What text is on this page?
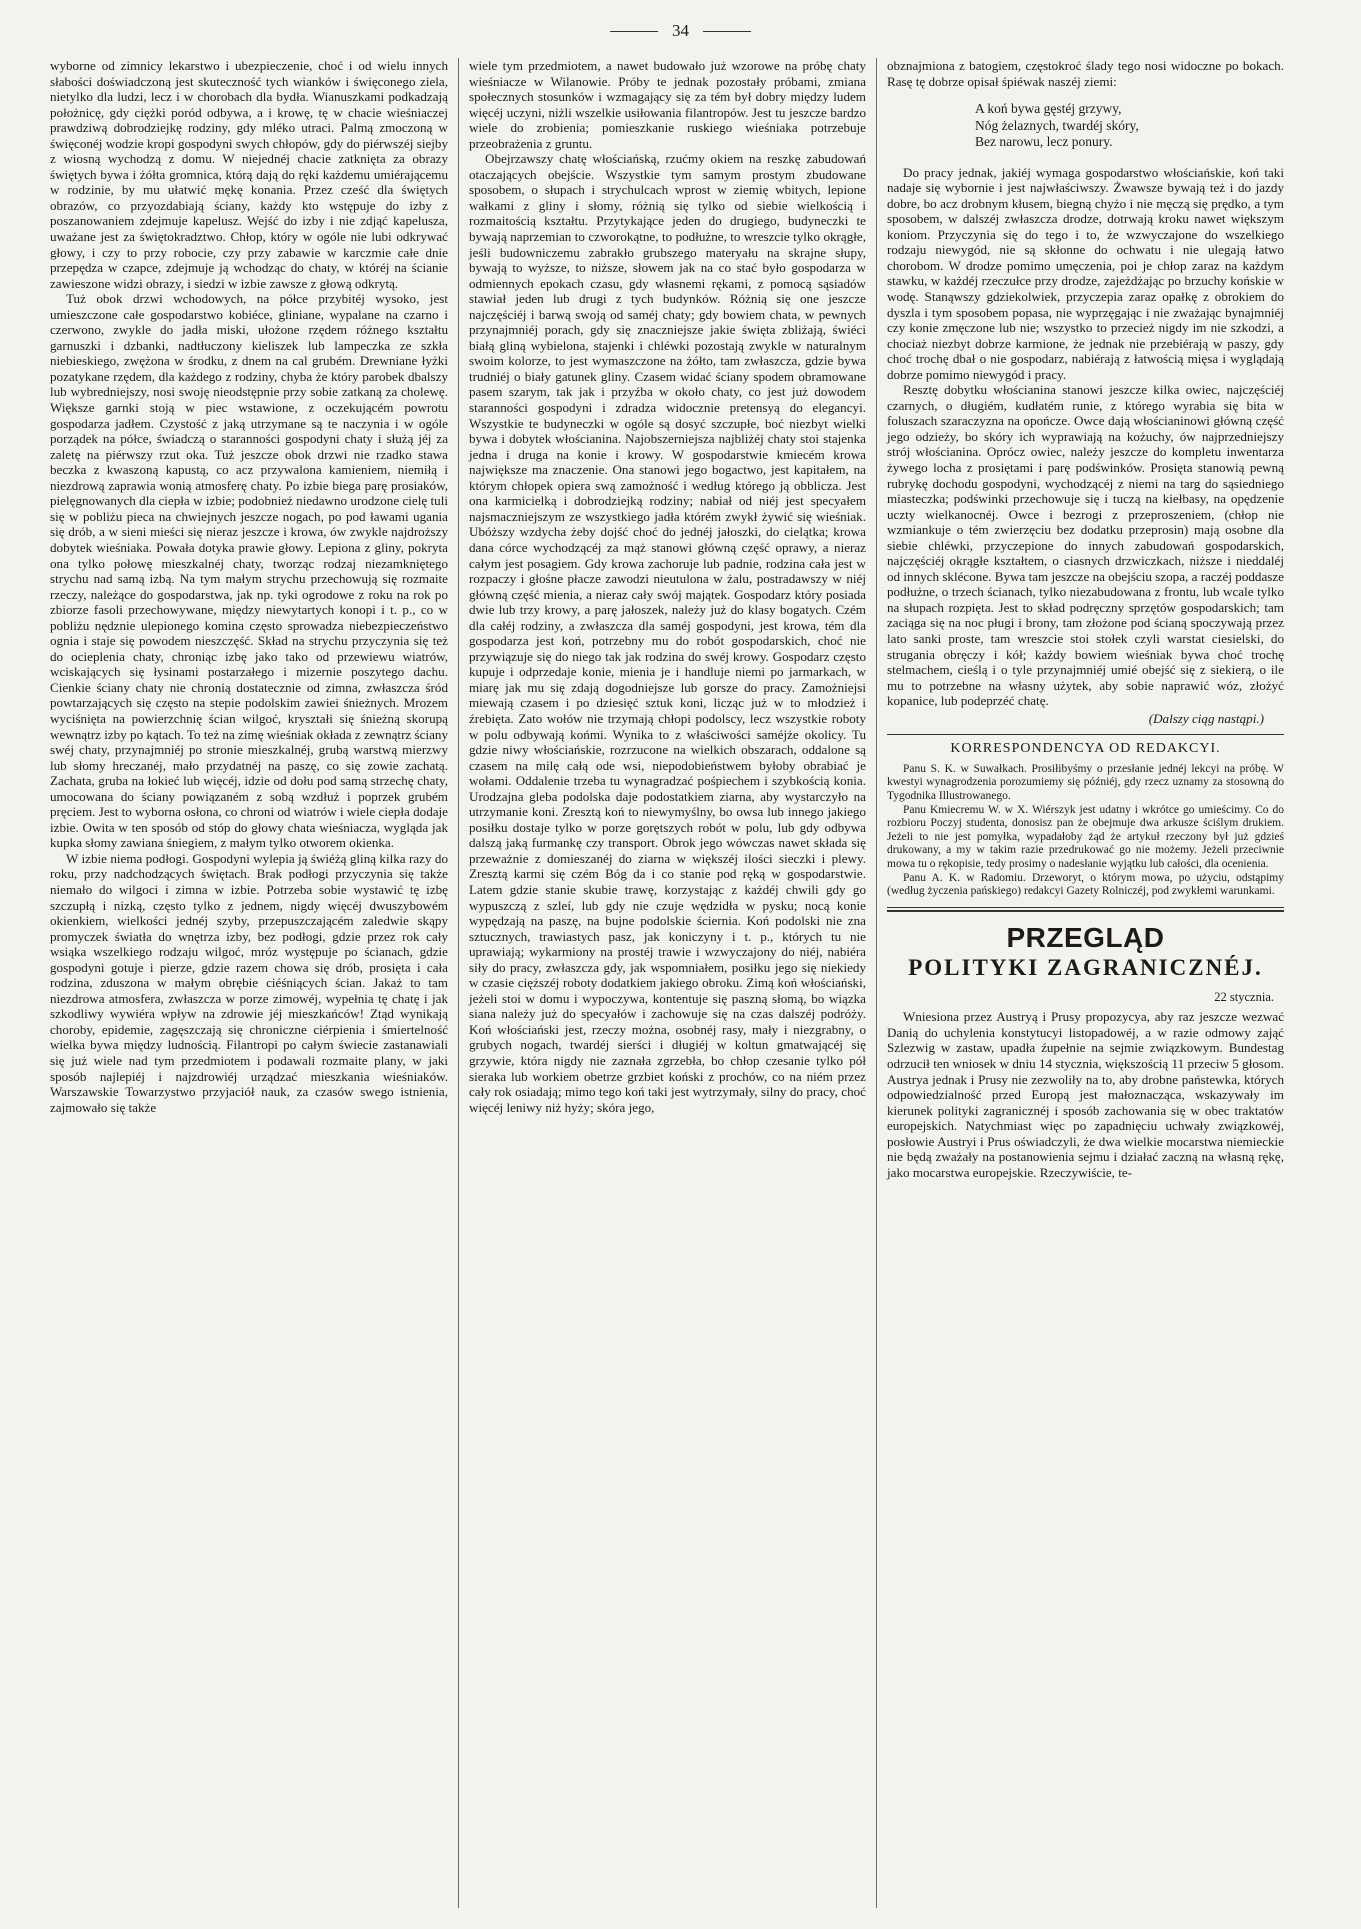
34

wyborne od zimnicy lekarstwo i ubezpieczenie, choć i od wielu innych słabości doświadczoną jest skuteczność tych wianków i święconego ziela, nietylko dla ludzi, lecz i w chorobach dla bydła. Wianuszkami podkadzają położnicę, gdy ciężki poród odbywa, a i krowę, tę w chacie wieśniaczej prawdziwą dobrodziejkę rodziny, gdy mléko utraci. Palmą zmoczoną w święconéj wodzie kropi gospodyni swych chłopów, gdy do piérwszéj siejby z wiosną wychodzą z domu. W niejednéj chacie zatknięta za obrazy świętych bywa i żółta gromnica, którą dają do ręki każdemu umiérającemu w rodzinie, by mu ułatwić mękę konania. Przez cześć dla świętych obrazów, co przyozdabiają ściany, każdy kto wstępuje do izby z poszanowaniem zdejmuje kapelusz. Wejść do izby i nie zdjąć kapelusza, uważane jest za świętokradztwo. Chłop, który w ogóle nie lubi odkrywać głowy, i czy to przy robocie, czy przy zabawie w karczmie całe dnie przepędza w czapce, zdejmuje ją wchodząc do chaty, w któréj na ścianie zawieszone widzi obrazy, i siedzi w izbie zawsze z głową odkrytą.

Tuż obok drzwi wchodowych, na półce przybitéj wysoko, jest umieszczone całe gospodarstwo kobiéce, gliniane, wypalane na czarno i czerwono, zwykle do jadła miski, ułożone rzędem różnego kształtu garnuszki i dzbanki, nadtłuczony kieliszek lub lampeczka ze szkła niebieskiego, zwężona w środku, z dnem na cal grubém. Drewniane łyżki pozatykane rzędem, dla każdego z rodziny, chyba że który parobek dbalszy lub wybredniejszy, nosi swoję nieodstępnie przy sobie zatkaną za cholewę. Większe garnki stoją w piec wstawione, z oczekującém powrotu gospodarza jadłem. Czystość z jaką utrzymane są te naczynia i w ogóle porządek na półce, świadczą o staranności gospodyni chaty i służą jéj za zaletę na piérwszy rzut oka. Tuż jeszcze obok drzwi nie rzadko stawa beczka z kwaszoną kapustą, co acz przywalona kamieniem, niemiłą i niezdrową zaprawia wonią atmosferę chaty. Po izbie biega parę prosiaków, pielęgnowanych dla ciepła w izbie; podobnież niedawno urodzone cielę tuli się w pobliżu pieca na chwiejnych jeszcze nogach, po pod ławami ugania się drób, a w sieni mieści się nieraz jeszcze i krowa, ów zwykle najdroższy dobytek wieśniaka. Powała dotyka prawie głowy. Lepiona z gliny, pokryta ona tylko połowę mieszkalnéj chaty, tworząc rodzaj niezamkniętego strychu nad samą izbą. Na tym małym strychu przechowują się rozmaite rzeczy, należące do gospodarstwa, jak np. tyki ogrodowe z roku na rok po zbiorze fasoli przechowywane, między niewytartych konopi i t. p., co w pobliżu nędznie ulepionego komina często sprowadza niebezpieczeństwo ognia i staje się powodem nieszczęść. Skład na strychu przyczynia się też do ocieplenia chaty, chroniąc izbę jako tako od przewiewu wiatrów, wciskających się łysinami postarzałego i mizernie poszytego dachu. Cienkie ściany chaty nie chronią dostatecznie od zimna, zwłaszcza śród powtarzających się często na stepie podolskim zawiei śnieżnych. Mrozem wyciśnięta na powierzchnię ścian wilgoć, kryształi się śnieżną skorupą wewnątrz izby po kątach. To też na zimę wieśniak okłada z zewnątrz ściany swéj chaty, przynajmniéj po stronie mieszkalnéj, grubą warstwą mierzwy lub słomy hreczanéj, mało przydatnéj na paszę, co się zowie zachatą. Zachata, gruba na łokieć lub więcéj, idzie od dołu pod samą strzechę chaty, umocowana do ściany powiązaném z sobą wzdłuż i poprzek grubém pręciem. Jest to wyborna osłona, co chroni od wiatrów i wiele ciepła dodaje izbie. Owita w ten sposób od stóp do głowy chata wieśniacza, wygląda jak kupka słomy zawiana śniegiem, z małym tylko otworem okienka.

W izbie niema podłogi. Gospodyni wylepia ją świéżą gliną kilka razy do roku, przy nadchodzących świętach. Brak podłogi przyczynia się także niemało do wilgoci i zimna w izbie. Potrzeba sobie wystawić tę izbę szczupłą i nizką, często tylko z jednem, nigdy więcéj dwuszybowém okienkiem, wielkości jednéj szyby, przepuszczającém zaledwie skąpy promyczek światła do wnętrza izby, bez podłogi, gdzie przez rok cały wsiąka wszelkiego rodzaju wilgoć, mróz występuje po ścianach, gdzie gospodyni gotuje i pierze, gdzie razem chowa się drób, prosięta i cała rodzina, zduszona w małym obrębie ciéśniących ścian. Jakaż to tam niezdrowa atmosfera, zwłaszcza w porze zimowéj, wypełnia tę chatę i jak szkodliwy wywiéra wpływ na zdrowie jéj mieszkańców! Ztąd wynikają choroby, epidemie, zagęszczają się chroniczne ciérpienia i śmiertelność wielka bywa między ludnością. Filantropi po całym świecie zastanawiali się już wiele nad tym przedmiotem i podawali rozmaite plany, w jaki sposób najlepiéj i najzdrowiéj urządzać mieszkania wieśniaków. Warszawskie Towarzystwo przyjaciół nauk, za czasów swego istnienia, zajmowało się także

wiele tym przedmiotem, a nawet budowało już wzorowe na próbę chaty wieśniacze w Wilanowie. Próby te jednak pozostały próbami, zmiana społecznych stosunków i wzmagający się za tém był dobry między ludem więcéj uczyni, niżli wszelkie usiłowania filantropów. Jest tu jeszcze bardzo wiele do zrobienia; pomieszkanie ruskiego wieśniaka potrzebuje przeobrażenia z gruntu.

Obejrzawszy chatę włościańską, rzućmy okiem na reszkę zabudowań otaczających obejście. Wszystkie tym samym prostym zbudowane sposobem, o słupach i strychulcach wprost w ziemię wbitych, lepione wałkami z gliny i słomy, różnią się tylko od siebie wielkością i rozmaitością kształtu. Przytykające jeden do drugiego, budyneczki te bywają naprzemian to czworokątne, to podłużne, to wreszcie tylko okrągłe, jeśli budowniczemu zabrakło grubszego materyału na skrajne słupy, bywają to wyższe, to niższe, słowem jak na co stać było gospodarza w odmiennych epokach czasu, gdy własnemi rękami, z pomocą sąsiadów stawiał jeden lub drugi z tych budynków. Różnią się one jeszcze najczęściéj i barwą swoją od saméj chaty; gdy bowiem chata, w pewnych przynajmniéj porach, gdy się znaczniejsze jakie święta zbliżają, świéci białą gliną wybielona, stajenki i chléwki pozostają zwykle w naturalnym swoim kolorze, to jest wymaszczone na żółto, tam zwłaszcza, gdzie bywa trudniéj o biały gatunek gliny. Czasem widać ściany spodem obramowane pasem szarym, tak jak i przyźba w około chaty, co jest już dowodem staranności gospodyni i zdradza widocznie pretensyą do elegancyi. Wszystkie te budyneczki w ogóle są dosyć szczupłe, boć niezbyt wielki bywa i dobytek włościanina. Najobszerniejsza najbliżéj chaty stoi stajenka jedna i druga na konie i krowy. W gospodarstwie kmiecém krowa największe ma znaczenie. Ona stanowi jego bogactwo, jest kapitałem, na którym chłopek opiera swą zamożność i według którego ją obblicza. Jest ona karmicielką i dobrodziejką rodziny; nabiał od niéj jest specyałem najsmaczniejszym ze wszystkiego jadła którém zwykł żywić się wieśniak. Ubóższy wzdycha żeby dojść choć do jednéj jałoszki, do cielątka; krowa dana córce wychodzącéj za mąż stanowi główną część oprawy, a nieraz całym jest posagiem. Gdy krowa zachoruje lub padnie, rodzina cała jest w rozpaczy i głośne płacze zawodzi nieutulona w żalu, postradawszy w niéj główną część mienia, a nieraz cały swój majątek. Gospodarz który posiada dwie lub trzy krowy, a parę jałoszek, należy już do klasy bogatych. Czém dla całéj rodziny, a zwłaszcza dla saméj gospodyni, jest krowa, tém dla gospodarza jest koń, potrzebny mu do robót gospodarskich, choć nie przywiązuje się do niego tak jak rodzina do swéj krowy. Gospodarz często kupuje i odprzedaje konie, mienia je i handluje niemi po jarmarkach, w miarę jak mu się zdają dogodniejsze lub gorsze do pracy. Zamożniejsi miewają czasem i po dziesięć sztuk koni, licząc już w to młodzież i źrebięta. Zato wołów nie trzymają chłopi podolscy, lecz wszystkie roboty w polu odbywają końmi. Wynika to z właściwości saméjże okolicy. Tu gdzie niwy włościańskie, rozrzucone na wielkich obszarach, oddalone są czasem na milę całą ode wsi, niepodobieństwem byłoby obrabiać je wołami. Oddalenie trzeba tu wynagradzać pośpiechem i szybkością konia. Urodzajna gleba podolska daje podostatkiem ziarna, aby wystarczyło na utrzymanie koni. Zresztą koń to niewymyślny, bo owsa lub innego jakiego posiłku dostaje tylko w porze gorętszych robót w polu, lub gdy odbywa dalszą jaką furmankę czy transport. Obrok jego wówczas nawet składa się przeważnie z domieszanéj do ziarna w większéj ilości sieczki i plewy. Zresztą karmi się czém Bóg da i co stanie pod ręką w gospodarstwie. Latem gdzie stanie skubie trawę, korzystając z każdéj chwili gdy go wypuszczą z szleí, lub gdy nie czuje wędzidła w pysku; nocą konie wypędzają na paszę, na bujne podolskie ściernia. Koń podolski nie zna sztucznych, trawiastych pasz, jak koniczyny i t. p., których tu nie uprawiają; wykarmiony na prostéj trawie i wzwyczajony do niéj, nabiéra siły do pracy, zwłaszcza gdy, jak wspomniałem, posiłku jego się niekiedy w czasie cięższéj roboty dodatkiem jakiego obroku. Zimą koń włościański, jeżeli stoi w domu i wypoczywa, kontentuje się paszną słomą, bo wiązka siana należy już do specyałów i zachowuje się na czas dalszéj podróży. Koń włościański jest, rzeczy można, osobnéj rasy, mały i niezgrabny, o grubych nogach, twardéj sierści i długiéj w koltun gmatwającéj się grzywie, która nigdy nie zaznała zgrzebła, bo chłop czesanie tylko pół sieraka lub workiem obetrze grzbiet koński z prochów, co na niém przez cały rok osiadają; mimo tego koń taki jest wytrzymały, silny do pracy, choć więcéj leniwy niż hyży; skóra jego,

obznajmiona z batogiem, częstokroć ślady tego nosi widoczne po bokach. Rasę tę dobrze opisał śpiéwak naszéj ziemi:

A koń bywa gęstéj grzywy,
Nóg żelaznych, twardéj skóry,
Bez narowu, lecz ponury.

Do pracy jednak, jakiéj wymaga gospodarstwo włościańskie, koń taki nadaje się wybornie i jest najwłaściwszy. Żwawsze bywają też i do jazdy dobre, bo acz drobnym kłusem, biegną chyżo i nie męczą się prędko, a tym sposobem, w dalszéj zwłaszcza drodze, dotrwają kroku nawet większym koniom. Przyczynia się do tego i to, że wzwyczajone do wszelkiego rodzaju niewygód, nie są skłonne do ochwatu i nie ulegają łatwo chorobom. W drodze pomimo umęczenia, poi je chłop zaraz na każdym stawku, w każdéj rzeczułce przy drodze, zajeżdżając po brzuchy końskie w wodę. Stanąwszy gdziekolwiek, przyczepia zaraz opałkę z obrokiem do dyszla i tym sposobem popasa, nie wyprzęgając i nie zważając bynajmniéj czy konie zmęczone lub nie; wszystko to przecież nigdy im nie szkodzi, a chociaż niezbyt dobrze karmione, że jednak nie przebiérają w paszy, gdy choć trochę dbał o nie gospodarz, nabiérają z łatwością mięsa i wyglądają dobrze pomimo niewygód i pracy.

Resztę dobytku włościanina stanowi jeszcze kilka owiec, najczęściéj czarnych, o długiém, kudłatém runie, z którego wyrabia się bita w foluszach szaraczyzna na opończe. Owce dają włościaninowi główną część jego odzieży, bo skóry ich wyprawiają na kożuchy, ów najprzedniejszy strój włościanina. Oprócz owiec, należy jeszcze do kompletu inwentarza żywego locha z prosiętami i parę podświnków. Prosięta stanowią pewną rubrykę dochodu gospodyni, wychodzącéj z niemi na targ do sąsiedniego miasteczka; podświnki przechowuje się i tuczą na kiełbasy, na opędzenie uczty wielkanocnéj. Owce i bezrogi z przeproszeniem, (chłop nie wzmiankuje o tém zwierzęciu bez dodatku przeprosin) mają osobne dla siebie chléwki, przyczepione do innych zabudowań gospodarskich, najczęściéj okrągłe kształtem, o ciasnych drzwiczkach, niższe i nieddaléj od innych sklécone. Bywa tam jeszcze na obejściu szopa, a raczéj poddasze podłużne, o trzech ścianach, tylko niezabudowana z frontu, lub wcale tylko na słupach rozpięta. Jest to skład podręczny sprzętów gospodarskich; tam zaciąga się na noc pługi i brony, tam złożone pod ścianą spoczywają przez lato sanki proste, tam wreszcie stoi stołek czyli warstat ciesielski, do strugania obręczy i kół; każdy bowiem wieśniak bywa choć trochę stelmachem, cieślą i o tyle przynajmniéj umié obejść się z siekierą, o ile mu to potrzebne na własny użytek, aby sobie naprawić wóz, złożyć kopanice, lub podeprzéć chatę.

(Dalszy ciąg nastąpi.)
KORRESPONDENCYA OD REDAKCYI.

Panu S. K. w Suwałkach. Prosiłibyśmy o przesłanie jednéj lekcyi na próbę. W kwestyi wynagrodzenia porozumiemy się późniéj, gdy rzecz uznamy za stosowną do Tygodnika Illustrowanego.

Panu Kmiecremu W. w X. Wiérszyk jest udatny i wkrótce go umieścimy. Co do rozbioru Poczyj studenta, donosisz pan że obejmuje dwa arkusze ściślym drukiem. Jeżeli to nie jest pomyłka, wypadałoby żąd że artykuł rzeczony był już gdzieś drukowany, a my w takim razie przedrukować go nie możemy. Jeżeli przeciwnie mowa tu o rękopisie, tedy prosimy o nadesłanie wyjątku lub całości, dla ocenienia.

Panu A. K. w Radomiu. Drzeworyt, o którym mowa, po użyciu, odstąpimy (według życzenia pańskiego) redakcyi Gazety Rolniczéj, pod zwykłemi warunkami.

PRZEGLĄD
POLITYKI ZAGRANICZNÉJ.
22 stycznia.

Wniesiona przez Austryą i Prusy propozycya, aby raz jeszcze wezwać Danią do uchylenia konstytucyi listopadowéj, a w razie odmowy zająć Szlezwig w zastaw, upadła źupełnie na sejmie związkowym. Bundestag odrzucił ten wniosek w dniu 14 stycznia, większością 11 przeciw 5 głosom. Austrya jednak i Prusy nie zezwoliły na to, aby drobne państewka, których odpowiedzialność przed Europą jest małoznacząca, wskazywały im kierunek polityki zagranicznéj i sposób zachowania się w obec traktatów europejskich. Natychmiast więc po zapadnięciu uchwały związkowéj, posłowie Austryi i Prus oświadczyli, że dwa wielkie mocarstwa niemieckie nie będą zważały na postanowienia sejmu i działać zaczną na własną rękę, jako mocarstwa europejskie. Rzeczywiście, te-
